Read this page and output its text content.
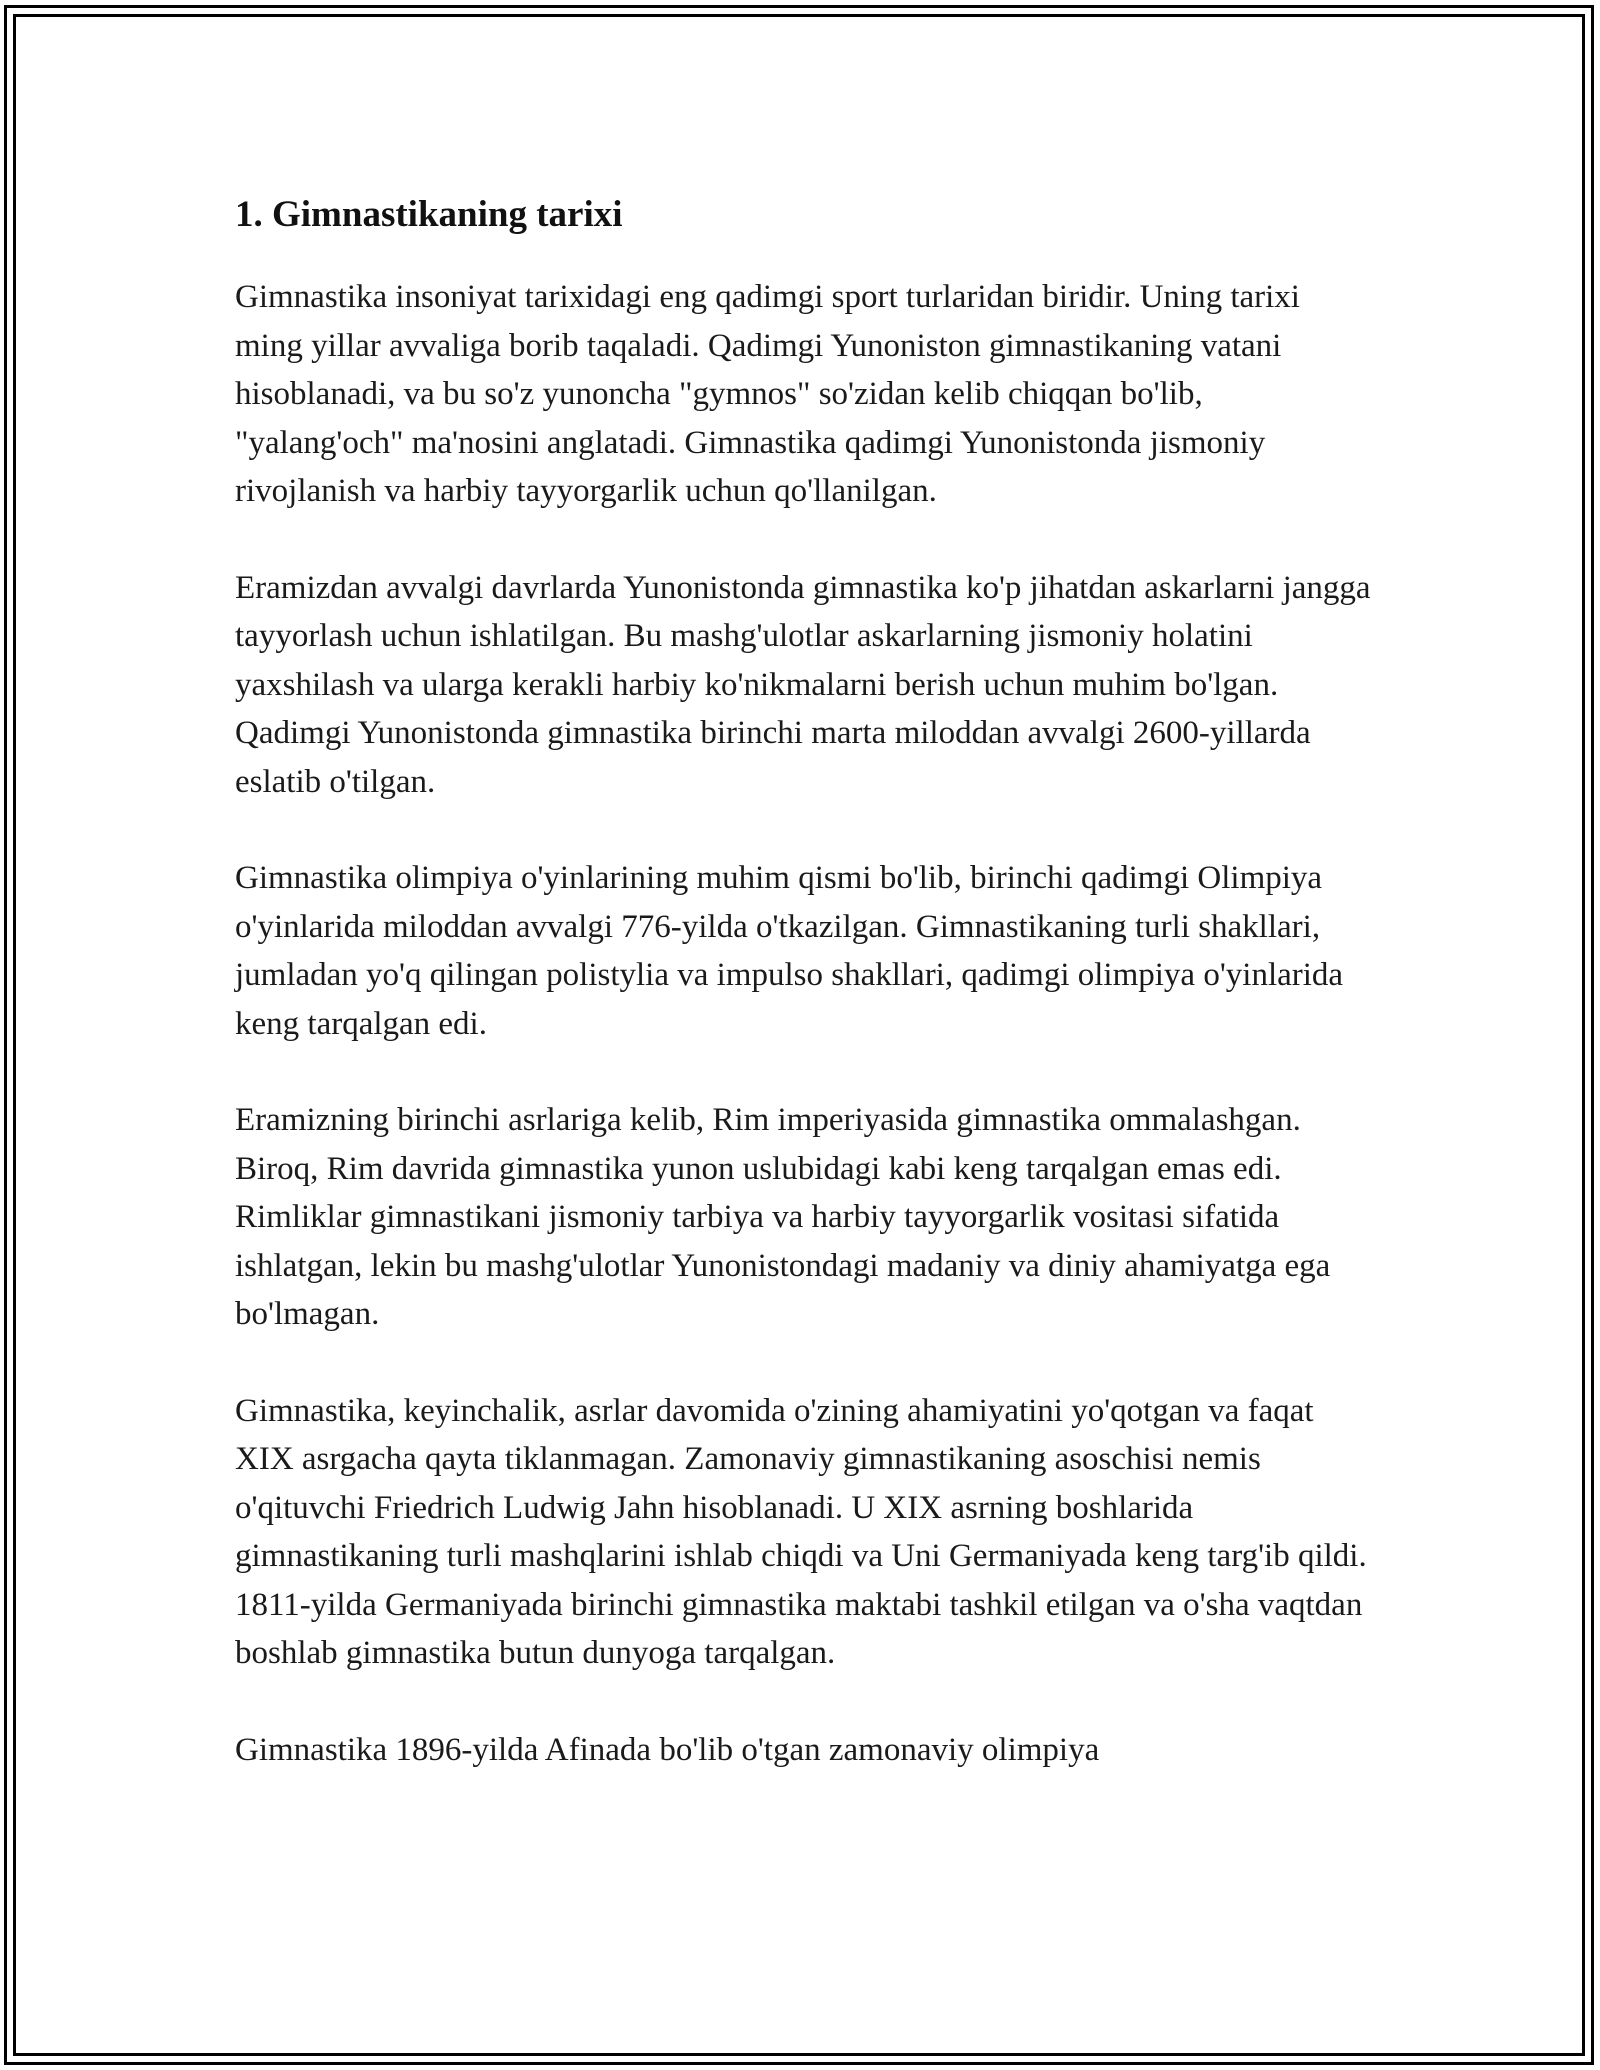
1. Gimnastikaning tarixi

Gimnastika insoniyat tarixidagi eng qadimgi sport turlaridan biridir. Uning tarixi ming yillar avvaliga borib taqaladi. Qadimgi Yunoniston gimnastikaning vatani hisoblanadi, va bu so'z yunoncha "gymnos" so'zidan kelib chiqqan bo'lib, "yalang'och" ma'nosini anglatadi. Gimnastika qadimgi Yunonistonda jismoniy rivojlanish va harbiy tayyorgarlik uchun qo'llanilgan.

Eramizdan avvalgi davrlarda Yunonistonda gimnastika ko'p jihatdan askarlarni jangga tayyorlash uchun ishlatilgan. Bu mashg'ulotlar askarlarning jismoniy holatini yaxshilash va ularga kerakli harbiy ko'nikmalarni berish uchun muhim bo'lgan. Qadimgi Yunonistonda gimnastika birinchi marta miloddan avvalgi 2600-yillarda eslatib o'tilgan.

Gimnastika olimpiya o'yinlarining muhim qismi bo'lib, birinchi qadimgi Olimpiya o'yinlarida miloddan avvalgi 776-yilda o'tkazilgan. Gimnastikaning turli shakllari, jumladan yo'q qilingan polistylia va impulso shakllari, qadimgi olimpiya o'yinlarida keng tarqalgan edi.

Eramizning birinchi asrlariga kelib, Rim imperiyasida gimnastika ommalashgan. Biroq, Rim davrida gimnastika yunon uslubidagi kabi keng tarqalgan emas edi. Rimliklar gimnastikani jismoniy tarbiya va harbiy tayyorgarlik vositasi sifatida ishlatgan, lekin bu mashg'ulotlar Yunonistondagi madaniy va diniy ahamiyatga ega bo'lmagan.

Gimnastika, keyinchalik, asrlar davomida o'zining ahamiyatini yo'qotgan va faqat XIX asrgacha qayta tiklanmagan. Zamonaviy gimnastikaning asoschisi nemis o'qituvchi Friedrich Ludwig Jahn hisoblanadi. U XIX asrning boshlarida gimnastikaning turli mashqlarini ishlab chiqdi va Uni Germaniyada keng targ'ib qildi. 1811-yilda Germaniyada birinchi gimnastika maktabi tashkil etilgan va o'sha vaqtdan boshlab gimnastika butun dunyoga tarqalgan.

Gimnastika 1896-yilda Afinada bo'lib o'tgan zamonaviy olimpiya
